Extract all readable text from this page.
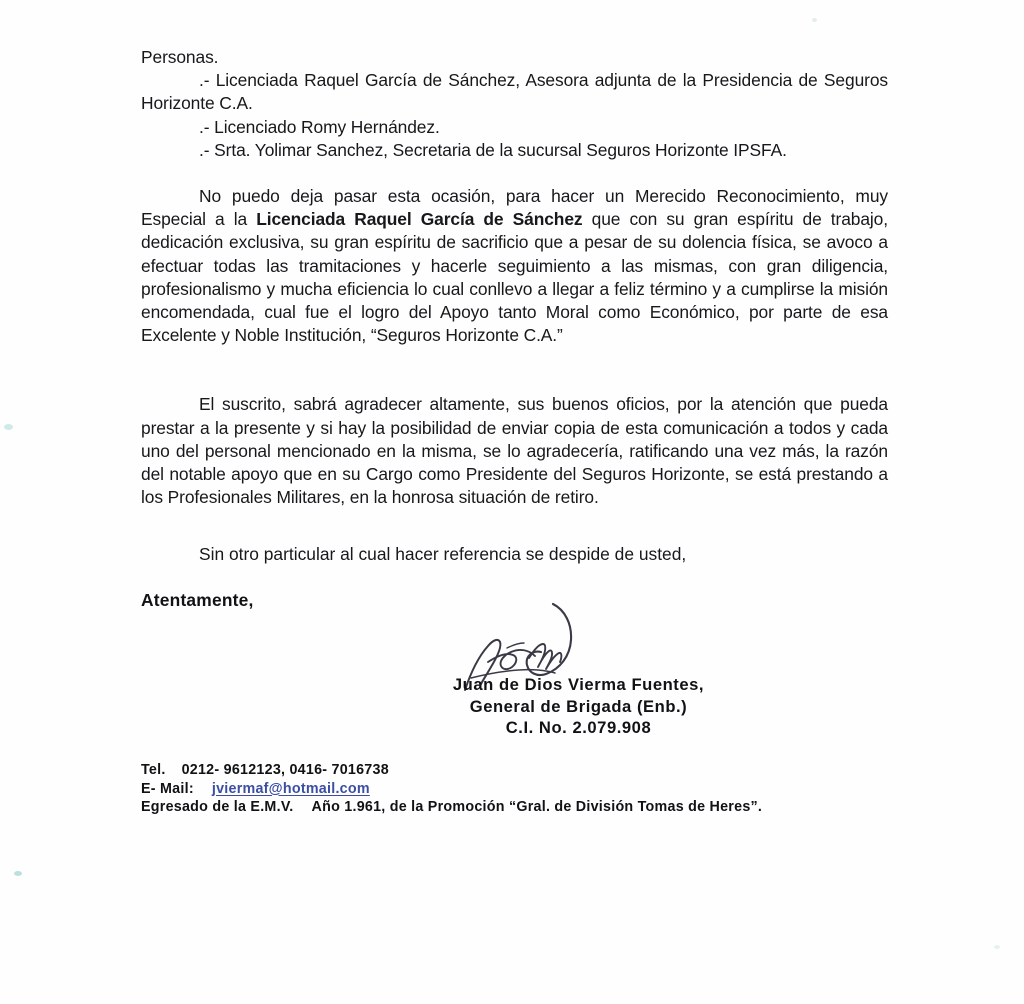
Personas.

.- Licenciada Raquel García de Sánchez, Asesora adjunta de la Presidencia de Seguros Horizonte C.A.

.- Licenciado Romy Hernández.

.- Srta. Yolimar Sanchez, Secretaria de la sucursal Seguros Horizonte IPSFA.

No puedo deja pasar esta ocasión, para hacer un Merecido Reconocimiento, muy Especial a la Licenciada Raquel García de Sánchez que con su gran espíritu de trabajo, dedicación exclusiva, su gran espíritu de sacrificio que a pesar de su dolencia física, se avoco a efectuar todas las tramitaciones y hacerle seguimiento a las mismas, con gran diligencia, profesionalismo y mucha eficiencia lo cual conllevo a llegar a feliz término y a cumplirse la misión encomendada, cual fue el logro del Apoyo tanto Moral como Económico, por parte de esa Excelente y Noble Institución, “Seguros Horizonte C.A.”

El suscrito, sabrá agradecer altamente, sus buenos oficios, por la atención que pueda prestar a la presente y si hay la posibilidad de enviar copia de esta comunicación a todos y cada uno del personal mencionado en la misma, se lo agradecería, ratificando una vez más, la razón del notable apoyo que en su Cargo como Presidente del Seguros Horizonte, se está prestando a los Profesionales Militares, en la honrosa situación de retiro.

Sin otro particular al cual hacer referencia se despide de usted,

Atentamente,

Juan de Dios Vierma Fuentes,
General de Brigada (Enb.)
C.I. No. 2.079.908
Tel. 0212- 9612123, 0416- 7016738
E- Mail: jviermaf@hotmail.com
Egresado de la E.M.V. Año 1.961, de la Promoción “Gral. de División Tomas de Heres”.
